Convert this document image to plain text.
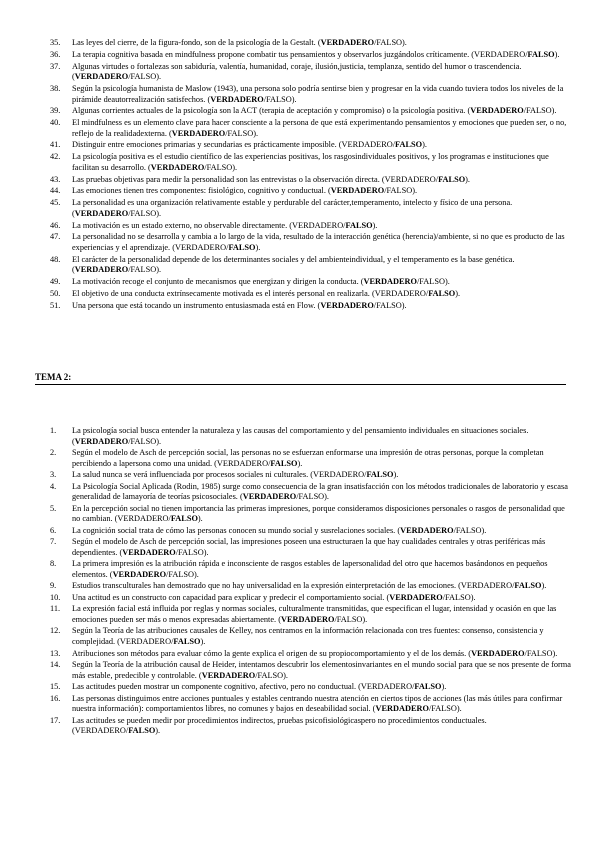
35.	Las leyes del cierre, de la figura-fondo, son de la psicología de la Gestalt. (VERDADERO/FALSO).
36.	La terapia cognitiva basada en mindfulness propone combatir tus pensamientos y observarlos juzgándolos críticamente. (VERDADERO/FALSO).
37.	Algunas virtudes o fortalezas son sabiduría, valentía, humanidad, coraje, ilusión,justicia, templanza, sentido del humor o trascendencia. (VERDADERO/FALSO).
38.	Según la psicología humanista de Maslow (1943), una persona solo podría sentirse bien y progresar en la vida cuando tuviera todos los niveles de la pirámide deautorrealización satisfechos. (VERDADERO/FALSO).
39.	Algunas corrientes actuales de la psicología son la ACT (terapia de aceptación y compromiso) o la psicología positiva. (VERDADERO/FALSO).
40.	El mindfulness es un elemento clave para hacer consciente a la persona de que está experimentando pensamientos y emociones que pueden ser, o no, reflejo de la realidadexterna. (VERDADERO/FALSO).
41.	Distinguir entre emociones primarias y secundarias es prácticamente imposible. (VERDADERO/FALSO).
42.	La psicología positiva es el estudio científico de las experiencias positivas, los rasgosindividuales positivos, y los programas e instituciones que facilitan su desarrollo. (VERDADERO/FALSO).
43.	Las pruebas objetivas para medir la personalidad son las entrevistas o la observación directa. (VERDADERO/FALSO).
44.	Las emociones tienen tres componentes: fisiológico, cognitivo y conductual. (VERDADERO/FALSO).
45.	La personalidad es una organización relativamente estable y perdurable del carácter,temperamento, intelecto y físico de una persona. (VERDADERO/FALSO).
46.	La motivación es un estado externo, no observable directamente. (VERDADERO/FALSO).
47.	La personalidad no se desarrolla y cambia a lo largo de la vida, resultado de la interacción genética (herencia)/ambiente, si no que es producto de las experiencias y el aprendizaje. (VERDADERO/FALSO).
48.	El carácter de la personalidad depende de los determinantes sociales y del ambienteindividual, y el temperamento es la base genética. (VERDADERO/FALSO).
49.	La motivación recoge el conjunto de mecanismos que energizan y dirigen la conducta. (VERDADERO/FALSO).
50.	El objetivo de una conducta extrínsecamente motivada es el interés personal en realizarla. (VERDADERO/FALSO).
51.	Una persona que está tocando un instrumento entusiasmada está en Flow. (VERDADERO/FALSO).
TEMA 2:
1.	La psicología social busca entender la naturaleza y las causas del comportamiento y del pensamiento individuales en situaciones sociales. (VERDADERO/FALSO).
2.	Según el modelo de Asch de percepción social, las personas no se esfuerzan enformarse una impresión de otras personas, porque la completan percibiendo a lapersona como una unidad. (VERDADERO/FALSO).
3.	La salud nunca se verá influenciada por procesos sociales ni culturales. (VERDADERO/FALSO).
4.	La Psicología Social Aplicada (Rodin, 1985) surge como consecuencia de la gran insatisfacción con los métodos tradicionales de laboratorio y escasa generalidad de lamayoría de teorías psicosociales. (VERDADERO/FALSO).
5.	En la percepción social no tienen importancia las primeras impresiones, porque consideramos disposiciones personales o rasgos de personalidad que no cambian. (VERDADERO/FALSO).
6.	La cognición social trata de cómo las personas conocen su mundo social y susrelaciones sociales. (VERDADERO/FALSO).
7.	Según el modelo de Asch de percepción social, las impresiones poseen una estructuraen la que hay cualidades centrales y otras periféricas más dependientes. (VERDADERO/FALSO).
8.	La primera impresión es la atribución rápida e inconsciente de rasgos estables de lapersonalidad del otro que hacemos basándonos en pequeños elementos. (VERDADERO/FALSO).
9.	Estudios transculturales han demostrado que no hay universalidad en la expresión einterpretación de las emociones. (VERDADERO/FALSO).
10.	Una actitud es un constructo con capacidad para explicar y predecir el comportamiento social. (VERDADERO/FALSO).
11.	La expresión facial está influida por reglas y normas sociales, culturalmente transmitidas, que especifican el lugar, intensidad y ocasión en que las emociones pueden ser más o menos expresadas abiertamente. (VERDADERO/FALSO).
12.	Según la Teoría de las atribuciones causales de Kelley, nos centramos en la información relacionada con tres fuentes: consenso, consistencia y complejidad. (VERDADERO/FALSO).
13.	Atribuciones son métodos para evaluar cómo la gente explica el origen de su propiocomportamiento y el de los demás. (VERDADERO/FALSO).
14.	Según la Teoría de la atribución causal de Heider, intentamos descubrir los elementosinvariantes en el mundo social para que se nos presente de forma más estable, predecible y controlable. (VERDADERO/FALSO).
15.	Las actitudes pueden mostrar un componente cognitivo, afectivo, pero no conductual. (VERDADERO/FALSO).
16.	Las personas distinguimos entre acciones puntuales y estables centrando nuestra atención en ciertos tipos de acciones (las más útiles para confirmar nuestra información): comportamientos libres, no comunes y bajos en deseabilidad social. (VERDADERO/FALSO).
17.	Las actitudes se pueden medir por procedimientos indirectos, pruebas psicofisiológicaspero no procedimientos conductuales. (VERDADERO/FALSO).
